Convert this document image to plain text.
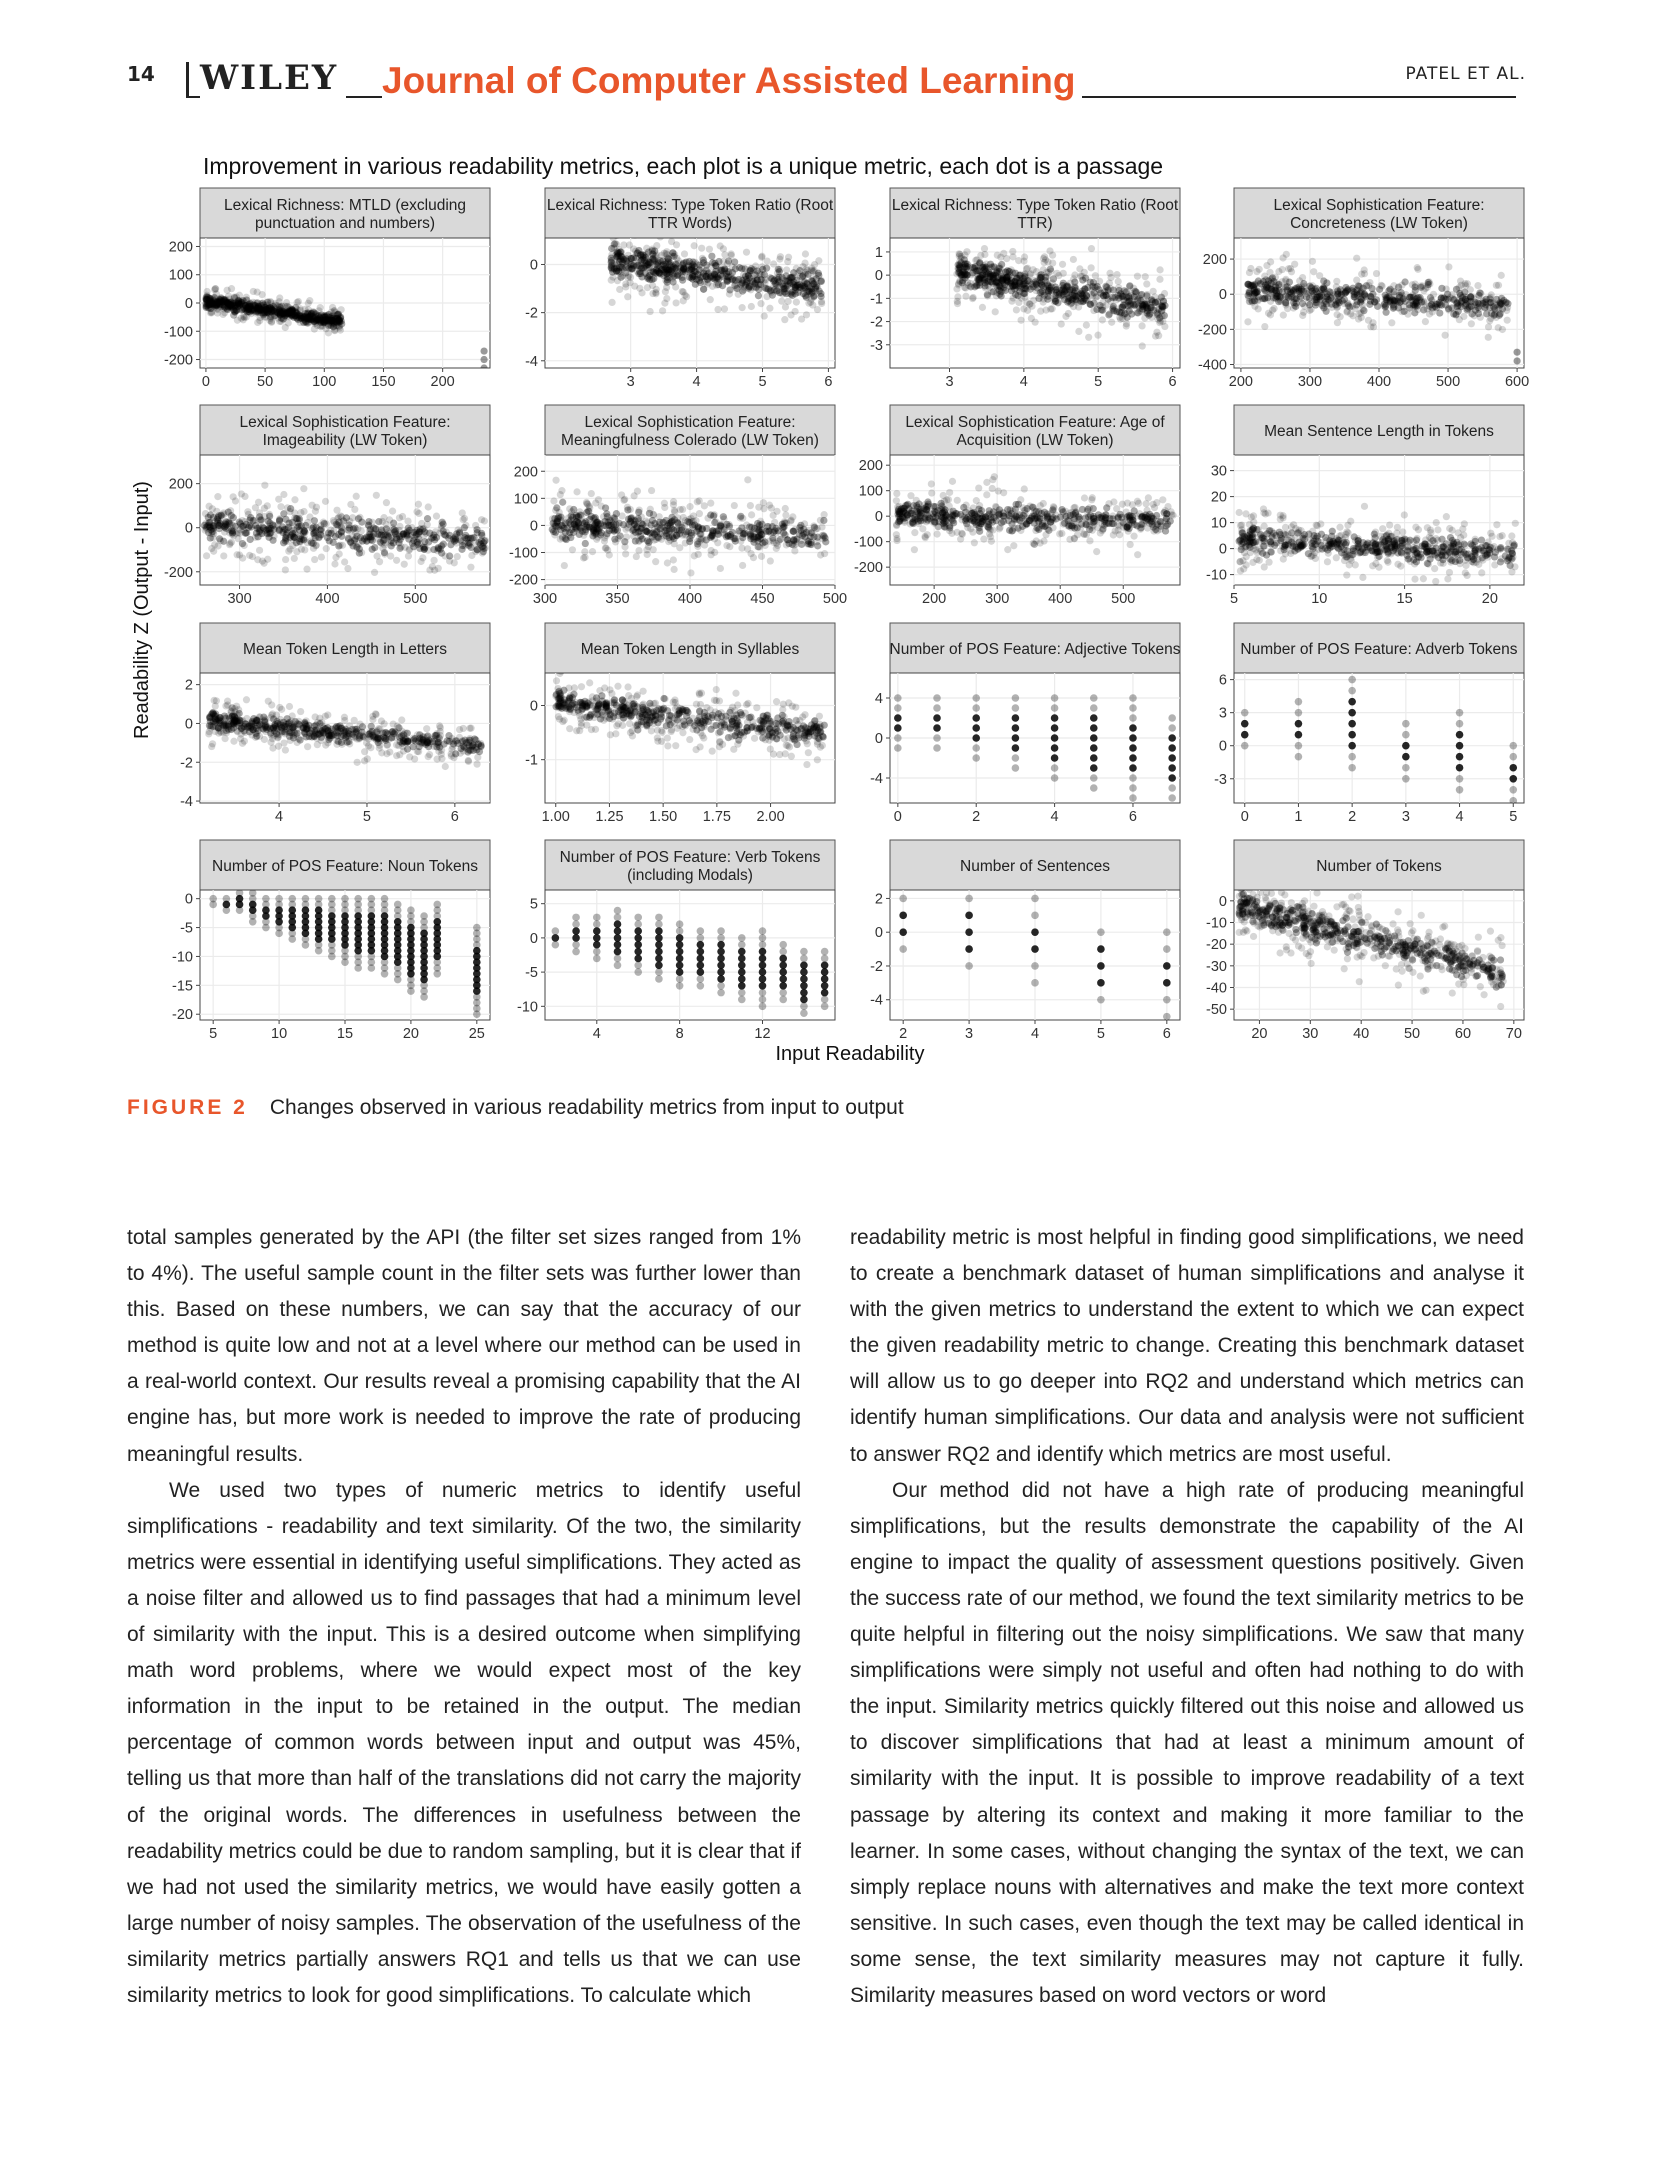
14 WILEY Journal of Computer Assisted Learning	PATEL ET AL.
Improvement in various readability metrics, each plot is a unique metric, each dot is a passage
Readability Z (Output - Input)
Input Readability
Lexical Richness: MTLD (excluding
punctuation and numbers)
0	50	100 150 200
200
100
0
-100
-200
Lexical Richness: Type Token Ratio (Root
TTR Words)
3	4	5	6
0
-2
-4
Lexical Richness: Type Token Ratio (Root
TTR)
3	4	5	6
1
0
-1
-2
-3
Lexical Sophistication Feature:
Concreteness (LW Token)
200	300	400	500	600
200
0
-200
-400
Lexical Sophistication Feature:
Imageability (LW Token)
300	400	500
200
0
-200
Lexical Sophistication Feature:
Meaningfulness Colerado (LW Token)
300	350	400	450	500
200
100
0
-100
-200
Lexical Sophistication Feature: Age of
Acquisition (LW Token)
200	300	400	500
200
100
0
-100
-200
Mean Sentence Length in Tokens
5	10	15	20
30
20
10
0
-10
Mean Token Length in Letters
4	5	6
2
0
-2
-4
Mean Token Length in Syllables
1.00 1.25 1.50 1.75 2.00
0
-1
Number of POS Feature: Adjective Tokens
0	2	4	6
4
0
-4
Number of POS Feature: Adverb Tokens
0	1	2	3	4	5
6
3
0
-3
Number of POS Feature: Noun Tokens
5	10	15	20	25
0
-5
-10
-15
-20
Number of POS Feature: Verb Tokens
(including Modals)
4	8	12
5
0
-5
-10
Number of Sentences
2	3	4	5	6
2
0
-2
-4
Number of Tokens
20 30 40 50 60 70
0
-10
-20
-30
-40
-50
FIGURE 2 Changes observed in various readability metrics from input to output

total samples generated by the API (the filter set sizes ranged from 1% to 4%). The useful sample count in the filter sets was further lower than this. Based on these numbers, we can say that the accuracy of our method is quite low and not at a level where our method can be used in a real-world context. Our results reveal a promising capability that the AI engine has, but more work is needed to improve the rate of producing meaningful results.

We used two types of numeric metrics to identify useful simplifications - readability and text similarity. Of the two, the similarity metrics were essential in identifying useful simplifications. They acted as a noise filter and allowed us to find passages that had a minimum level of similarity with the input. This is a desired outcome when simplifying math word problems, where we would expect most of the key information in the input to be retained in the output. The median percentage of common words between input and output was 45%, telling us that more than half of the translations did not carry the majority of the original words. The differences in usefulness between the readability metrics could be due to random sampling, but it is clear that if we had not used the similarity metrics, we would have easily gotten a large number of noisy samples. The observation of the usefulness of the similarity metrics partially answers RQ1 and tells us that we can use similarity metrics to look for good simplifications. To calculate which

readability metric is most helpful in finding good simplifications, we need to create a benchmark dataset of human simplifications and analyse it with the given metrics to understand the extent to which we can expect the given readability metric to change. Creating this benchmark dataset will allow us to go deeper into RQ2 and understand which metrics can identify human simplifications. Our data and analysis were not sufficient to answer RQ2 and identify which metrics are most useful.

Our method did not have a high rate of producing meaningful simplifications, but the results demonstrate the capability of the AI engine to impact the quality of assessment questions positively. Given the success rate of our method, we found the text similarity metrics to be quite helpful in filtering out the noisy simplifications. We saw that many simplifications were simply not useful and often had nothing to do with the input. Similarity metrics quickly filtered out this noise and allowed us to discover simplifications that had at least a minimum amount of similarity with the input. It is possible to improve readability of a text passage by altering its context and making it more familiar to the learner. In some cases, without changing the syntax of the text, we can simply replace nouns with alternatives and make the text more context sensitive. In such cases, even though the text may be called identical in some sense, the text similarity measures may not capture it fully. Similarity measures based on word vectors or word
